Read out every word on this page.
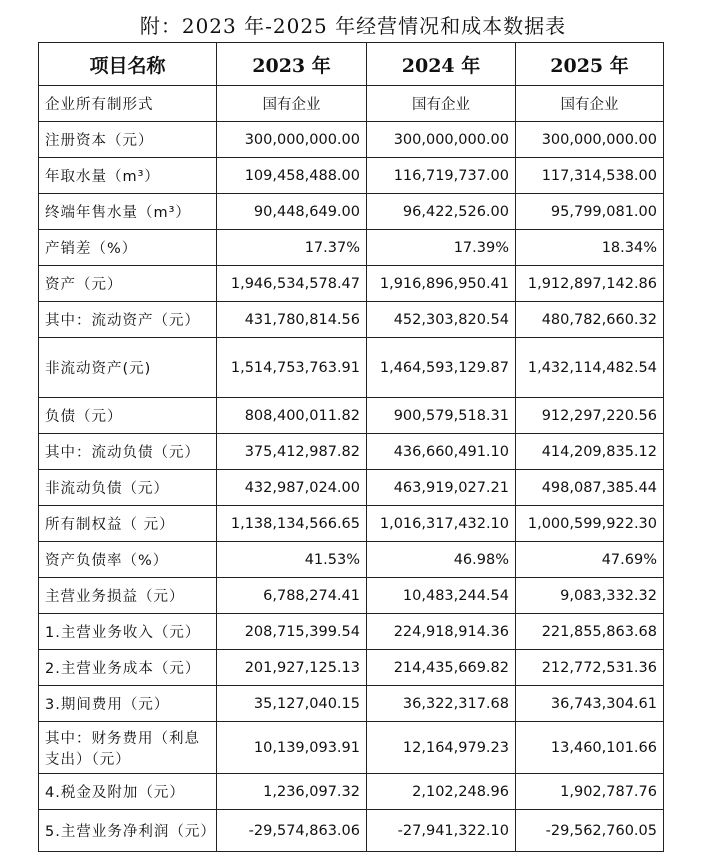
附：2023 年-2025 年经营情况和成本数据表
项目名称	2023 年	2024 年	2025 年
企业所有制形式	国有企业	国有企业	国有企业
注册资本（元）	300,000,000.00	300,000,000.00	300,000,000.00
年取水量（m³）	109,458,488.00	116,719,737.00	117,314,538.00
终端年售水量（m³）	90,448,649.00	96,422,526.00	95,799,081.00
产销差（%）	17.37%	17.39%	18.34%
资产（元）	1,946,534,578.47	1,916,896,950.41	1,912,897,142.86
其中：流动资产（元）	431,780,814.56	452,303,820.54	480,782,660.32
非流动资产(元)	1,514,753,763.91	1,464,593,129.87	1,432,114,482.54
负债（元）	808,400,011.82	900,579,518.31	912,297,220.56
其中：流动负债（元）	375,412,987.82	436,660,491.10	414,209,835.12
非流动负债（元）	432,987,024.00	463,919,027.21	498,087,385.44
所有制权益（ 元）	1,138,134,566.65	1,016,317,432.10	1,000,599,922.30
资产负债率（%）	41.53%	46.98%	47.69%
主营业务损益（元）	6,788,274.41	10,483,244.54	9,083,332.32
1.主营业务收入（元）	208,715,399.54	224,918,914.36	221,855,863.68
2.主营业务成本（元）	201,927,125.13	214,435,669.82	212,772,531.36
3.期间费用（元）	35,127,040.15	36,322,317.68	36,743,304.61
其中：财务费用（利息支出）（元）	10,139,093.91	12,164,979.23	13,460,101.66
4.税金及附加（元）	1,236,097.32	2,102,248.96	1,902,787.76
5.主营业务净利润（元）	-29,574,863.06	-27,941,322.10	-29,562,760.05
